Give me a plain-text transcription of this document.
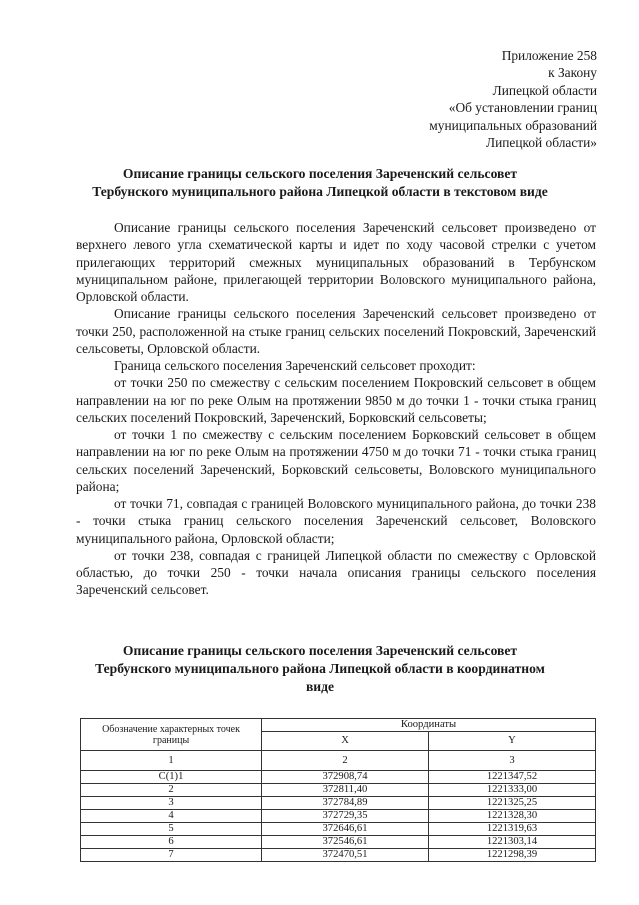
Приложение 258
к Закону
Липецкой области
«Об установлении границ
муниципальных образований
Липецкой области»
Описание границы сельского поселения Зареченский сельсовет
Тербунского муниципального района Липецкой области в текстовом виде

Описание границы сельского поселения Зареченский сельсовет произведено от верхнего левого угла схематической карты и идет по ходу часовой стрелки с учетом прилегающих территорий смежных муниципальных образований в Тербунском муниципальном районе, прилегающей территории Воловского муниципального района, Орловской области.

Описание границы сельского поселения Зареченский сельсовет произведено от точки 250, расположенной на стыке границ сельских поселений Покровский, Зареченский сельсоветы, Орловской области.

Граница сельского поселения Зареченский сельсовет проходит:

от точки 250 по смежеству с сельским поселением Покровский сельсовет в общем направлении на юг по реке Олым на протяжении 9850 м до точки 1 - точки стыка границ сельских поселений Покровский, Зареченский, Борковский сельсоветы;

от точки 1 по смежеству с сельским поселением Борковский сельсовет в общем направлении на юг по реке Олым на протяжении 4750 м до точки 71 - точки стыка границ сельских поселений Зареченский, Борковский сельсоветы, Воловского муниципального района;

от точки 71, совпадая с границей Воловского муниципального района, до точки 238 - точки стыка границ сельского поселения Зареченский сельсовет, Воловского муниципального района, Орловской области;

от точки 238, совпадая с границей Липецкой области по смежеству с Орловской областью, до точки 250 - точки начала описания границы сельского поселения Зареченский сельсовет.

Описание границы сельского поселения Зареченский сельсовет
Тербунского муниципального района Липецкой области в координатном
виде
Обозначение характерных точек границы	Координаты	
	X	Y
1	2	3
C(1)1	372908,74	1221347,52
2	372811,40	1221333,00
3	372784,89	1221325,25
4	372729,35	1221328,30
5	372646,61	1221319,63
6	372546,61	1221303,14
7	372470,51	1221298,39
